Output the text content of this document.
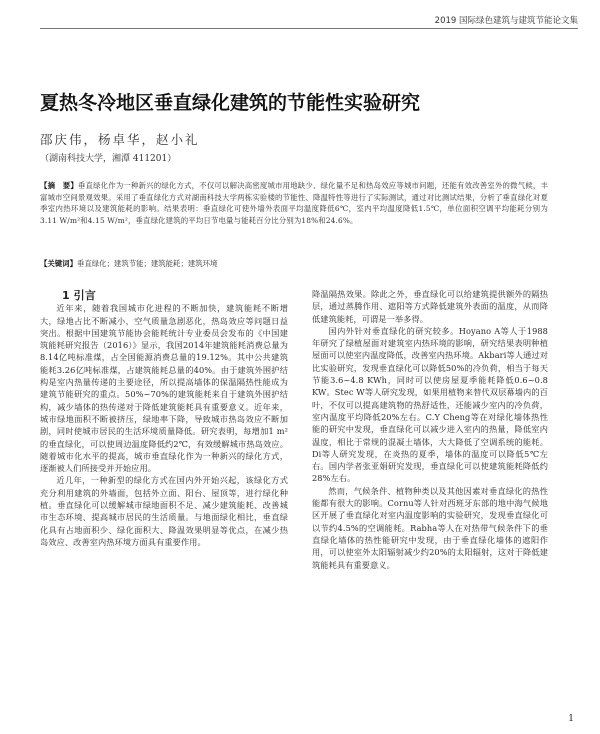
2019 国际绿色建筑与建筑节能论文集
夏热冬冷地区垂直绿化建筑的节能性实验研究
邵庆伟，杨卓华，赵小礼
（湖南科技大学，湘潭 411201）
【摘　要】垂直绿化作为一种新兴的绿化方式，不仅可以解决高密度城市用地缺少、绿化量不足和热岛效应等城市问题，还能有效改善室外的微气候，丰富城市空间景观效果。采用了垂直绿化方式对湖南科技大学两栋实验楼的节能性、降温特性等进行了实际测试，通过对比测试结果，分析了垂直绿化对夏季室内热环境以及建筑能耗的影响。结果表明：垂直绿化可使外墙外表面平均温度降低6℃，室内平均温度降低1.5℃，单位面积空调平均能耗分别为3.11 W/m²和4.15 W/m²，垂直绿化建筑的平均日节电量与能耗百分比分别为18%和24.6%。
【关键词】垂直绿化；建筑节能；建筑能耗；建筑环境

1 引言

近年来，随着我国城市化进程的不断加快，建筑能耗不断增大，绿地占比不断减小，空气质量急剧恶化，热岛效应等问题日益突出。根据中国建筑节能协会能耗统计专业委员会发布的《中国建筑能耗研究报告（2016）》显示，我国2014年建筑能耗消费总量为8.14亿吨标准煤，占全国能源消费总量的19.12%。其中公共建筑能耗3.26亿吨标准煤，占建筑能耗总量的40%。由于建筑外围护结构是室内热量传递的主要途径，所以提高墙体的保温隔热性能成为建筑节能研究的重点。50%~70%的建筑能耗来自于建筑外围护结构，减少墙体的热传递对于降低建筑能耗具有重要意义。近年来，城市绿地面积不断被挤压，绿地率下降，导致城市热岛效应不断加剧，同时使城市居民的生活环境质量降低。研究表明，每增加1 m²的垂直绿化，可以使周边温度降低约2℃，有效缓解城市热岛效应。随着城市化水平的提高，城市垂直绿化作为一种新兴的绿化方式，逐渐被人们所接受并开始应用。

近几年，一种新型的绿化方式在国内外开始兴起，该绿化方式充分利用建筑的外墙面，包括外立面、阳台、屋顶等，进行绿化种植。垂直绿化可以缓解城市绿地面积不足、减少建筑能耗、改善城市生态环境、提高城市居民的生活质量。与地面绿化相比，垂直绿化具有占地面积少、绿化面积大、降温效果明显等优点，在减少热岛效应、改善室内热环境方面具有重要作用。

降温隔热效果。除此之外，垂直绿化可以给建筑提供额外的隔热层，通过蒸腾作用、遮阳等方式降低建筑外表面的温度，从而降低建筑能耗，可谓是一举多得。

国内外针对垂直绿化的研究较多。Hoyano A等人于1988年研究了绿植屋面对建筑室内热环境的影响，研究结果表明种植屋面可以使室内温度降低，改善室内热环境。Akbari等人通过对比实验研究，发现垂直绿化可以降低50%的冷负荷，相当于每天节能3.6~4.8 KWh，同时可以使房屋夏季能耗降低0.6~0.8 KW。Stec W等人研究发现，如果用植物来替代双层幕墙内的百叶，不仅可以提高建筑物的热舒适性，还能减少室内的冷负荷，室内温度平均降低20%左右。C.Y Cheng等在对绿化墙体热性能的研究中发现，垂直绿化可以减少进入室内的热量，降低室内温度，相比于常规的混凝土墙体，大大降低了空调系统的能耗。Di等人研究发现，在炎热的夏季，墙体的温度可以降低5℃左右。国内学者张亚娟研究发现，垂直绿化可以使建筑能耗降低约28%左右。

然而，气候条件、植物种类以及其他因素对垂直绿化的热性能都有很大的影响。Cornu等人针对西班牙东部的地中海气候地区开展了垂直绿化对室内温度影响的实验研究，发现垂直绿化可以节约4.5%的空调能耗。Rabha等人在对热带气候条件下的垂直绿化墙体的热性能研究中发现，由于垂直绿化墙体的遮阳作用，可以使室外太阳辐射减少约20%的太阳辐射，这对于降低建筑能耗具有重要意义。

1
